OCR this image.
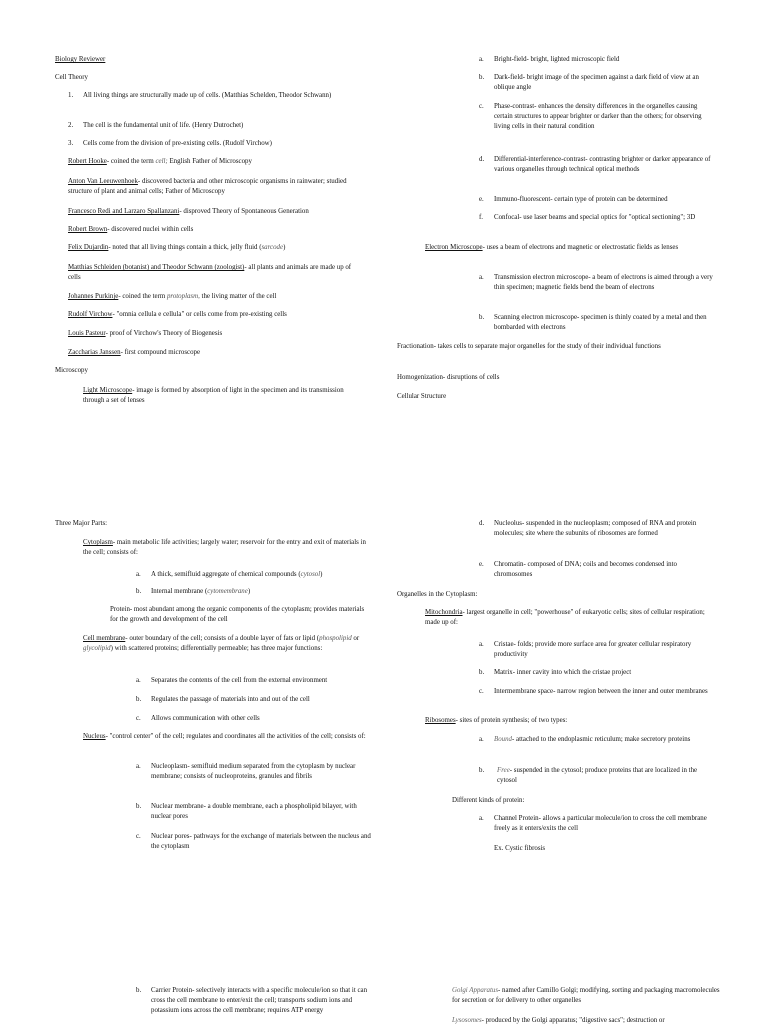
Biology Reviewer

Cell Theory

1. All living things are structurally made up of cells. (Matthias Schelden, Theodor Schwann)

2. The cell is the fundamental unit of life. (Henry Dutrochet)

3. Cells come from the division of pre-existing cells. (Rudolf Virchow)

Robert Hooke- coined the term cell; English Father of Microscopy

Anton Van Leeuwenhoek- discovered bacteria and other microscopic organisms in rainwater; studied structure of plant and animal cells; Father of Microscopy

Francesco Redi and Larzaro Spallanzani- disproved Theory of Spontaneous Generation

Robert Brown- discovered nuclei within cells

Felix Dujardin- noted that all living things contain a thick, jelly fluid (sarcode)

Matthias Schleiden (botanist) and Theodor Schwann (zoologist)- all plants and animals are made up of cells

Johannes Purkinje- coined the term protoplasm, the living matter of the cell

Rudolf Virchow- "omnia cellula e cellula" or cells come from pre-existing cells

Louis Pasteur- proof of Virchow's Theory of Biogenesis

Zaccharias Janssen- first compound microscope

Microscopy

Light Microscope- image is formed by absorption of light in the specimen and its transmission through a set of lenses

a. Bright-field- bright, lighted microscopic field

b. Dark-field- bright image of the specimen against a dark field of view at an oblique angle

c. Phase-contrast- enhances the density differences in the organelles causing certain structures to appear brighter or darker than the others; for observing living cells in their natural condition

d. Differential-interference-contrast- contrasting brighter or darker appearance of various organelles through technical optical methods

e. Immuno-fluorescent- certain type of protein can be determined

f. Confocal- use laser beams and special optics for "optical sectioning"; 3D

Electron Microscope- uses a beam of electrons and magnetic or electrostatic fields as lenses

a. Transmission electron microscope- a beam of electrons is aimed through a very thin specimen; magnetic fields bend the beam of electrons

b. Scanning electron microscope- specimen is thinly coated by a metal and then bombarded with electrons

Fractionation- takes cells to separate major organelles for the study of their individual functions

Homogenization- disruptions of cells

Cellular Structure

Three Major Parts:

Cytoplasm- main metabolic life activities; largely water; reservoir for the entry and exit of materials in the cell; consists of:

a. A thick, semifluid aggregate of chemical compounds (cytosol)

b. Internal membrane (cytomembrane)

Protein- most abundant among the organic components of the cytoplasm; provides materials for the growth and development of the cell

Cell membrane- outer boundary of the cell; consists of a double layer of fats or lipid (phospolipid or glycolipid) with scattered proteins; differentially permeable; has three major functions:

a. Separates the contents of the cell from the external environment

b. Regulates the passage of materials into and out of the cell

c. Allows communication with other cells

Nucleus- "control center" of the cell; regulates and coordinates all the activities of the cell; consists of:

a. Nucleoplasm- semifluid medium separated from the cytoplasm by nuclear membrane; consists of nucleoproteins, granules and fibrils

b. Nuclear membrane- a double membrane, each a phospholipid bilayer, with nuclear pores

c. Nuclear pores- pathways for the exchange of materials between the nucleus and the cytoplasm

d. Nucleolus- suspended in the nucleoplasm; composed of RNA and protein molecules; site where the subunits of ribosomes are formed

e. Chromatin- composed of DNA; coils and becomes condensed into chromosomes

Organelles in the Cytoplasm:

Mitochondria- largest organelle in cell; "powerhouse" of eukaryotic cells; sites of cellular respiration; made up of:

a. Cristae- folds; provide more surface area for greater cellular respiratory productivity

b. Matrix- inner cavity into which the cristae project

c. Intermembrane space- narrow region between the inner and outer membranes

Ribosomes- sites of protein synthesis; of two types:

a. Bound- attached to the endoplasmic reticulum; make secretory proteins

b. Free- suspended in the cytosol; produce proteins that are localized in the cytosol

Different kinds of protein:

a. Channel Protein- allows a particular molecule/ion to cross the cell membrane freely as it enters/exits the cell

Ex. Cystic fibrosis

b. Carrier Protein- selectively interacts with a specific molecule/ion so that it can cross the cell membrane to enter/exit the cell; transports sodium ions and potassium ions across the cell membrane; requires ATP energy

Golgi Apparatus- named after Camillo Golgi; modifying, sorting and packaging macromolecules for secretion or for delivery to other organelles

Lysosomes- produced by the Golgi apparatus; "digestive sacs"; destruction or
